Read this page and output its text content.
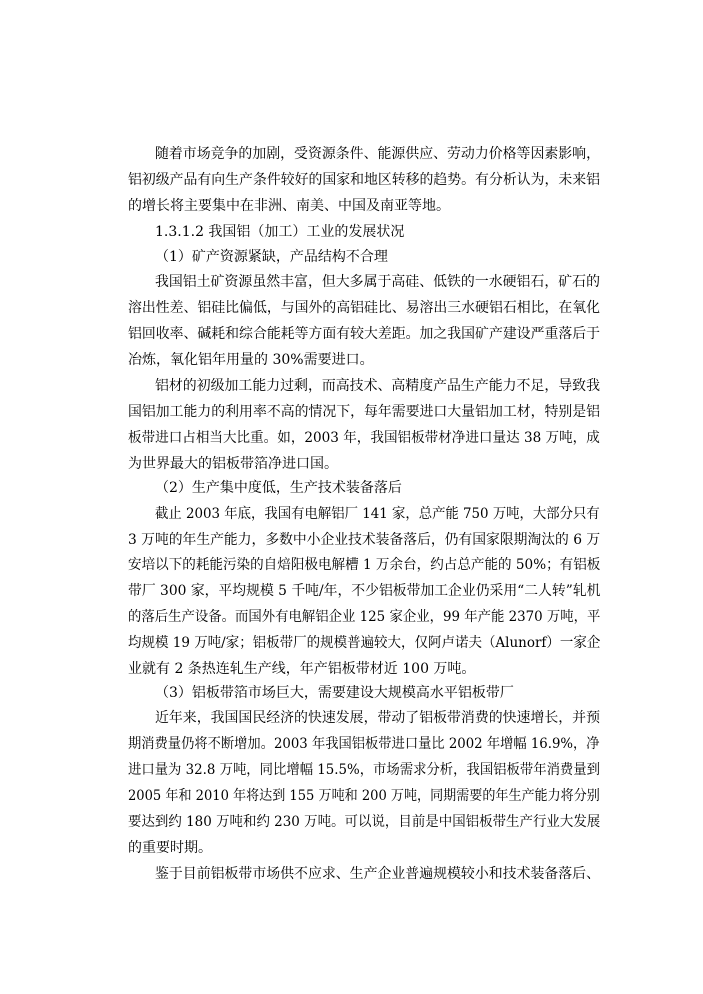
随着市场竞争的加剧，受资源条件、能源供应、劳动力价格等因素影响，
铝初级产品有向生产条件较好的国家和地区转移的趋势。有分析认为，未来铝
的增长将主要集中在非洲、南美、中国及南亚等地。
1.3.1.2 我国铝（加工）工业的发展状况
（1）矿产资源紧缺，产品结构不合理
我国铝土矿资源虽然丰富，但大多属于高硅、低铁的一水硬铝石，矿石的
溶出性差、铝硅比偏低，与国外的高铝硅比、易溶出三水硬铝石相比，在氧化
铝回收率、碱耗和综合能耗等方面有较大差距。加之我国矿产建设严重落后于
冶炼，氧化铝年用量的 30%需要进口。
铝材的初级加工能力过剩，而高技术、高精度产品生产能力不足，导致我
国铝加工能力的利用率不高的情况下，每年需要进口大量铝加工材，特别是铝
板带进口占相当大比重。如，2003 年，我国铝板带材净进口量达 38 万吨，成
为世界最大的铝板带箔净进口国。
（2）生产集中度低，生产技术装备落后
截止 2003 年底，我国有电解铝厂 141 家，总产能 750 万吨，大部分只有
3 万吨的年生产能力，多数中小企业技术装备落后，仍有国家限期淘汰的 6 万
安培以下的耗能污染的自焙阳极电解槽 1 万余台，约占总产能的 50%；有铝板
带厂 300 家，平均规模 5 千吨/年，不少铝板带加工企业仍采用“二人转”轧机
的落后生产设备。而国外有电解铝企业 125 家企业，99 年产能 2370 万吨，平
均规模 19 万吨/家；铝板带厂的规模普遍较大，仅阿卢诺夫（Alunorf）一家企
业就有 2 条热连轧生产线，年产铝板带材近 100 万吨。
（3）铝板带箔市场巨大，需要建设大规模高水平铝板带厂
近年来，我国国民经济的快速发展，带动了铝板带消费的快速增长，并预
期消费量仍将不断增加。2003 年我国铝板带进口量比 2002 年增幅 16.9%，净
进口量为 32.8 万吨，同比增幅 15.5%，市场需求分析，我国铝板带年消费量到
2005 年和 2010 年将达到 155 万吨和 200 万吨，同期需要的年生产能力将分别
要达到约 180 万吨和约 230 万吨。可以说，目前是中国铝板带生产行业大发展
的重要时期。
鉴于目前铝板带市场供不应求、生产企业普遍规模较小和技术装备落后、
